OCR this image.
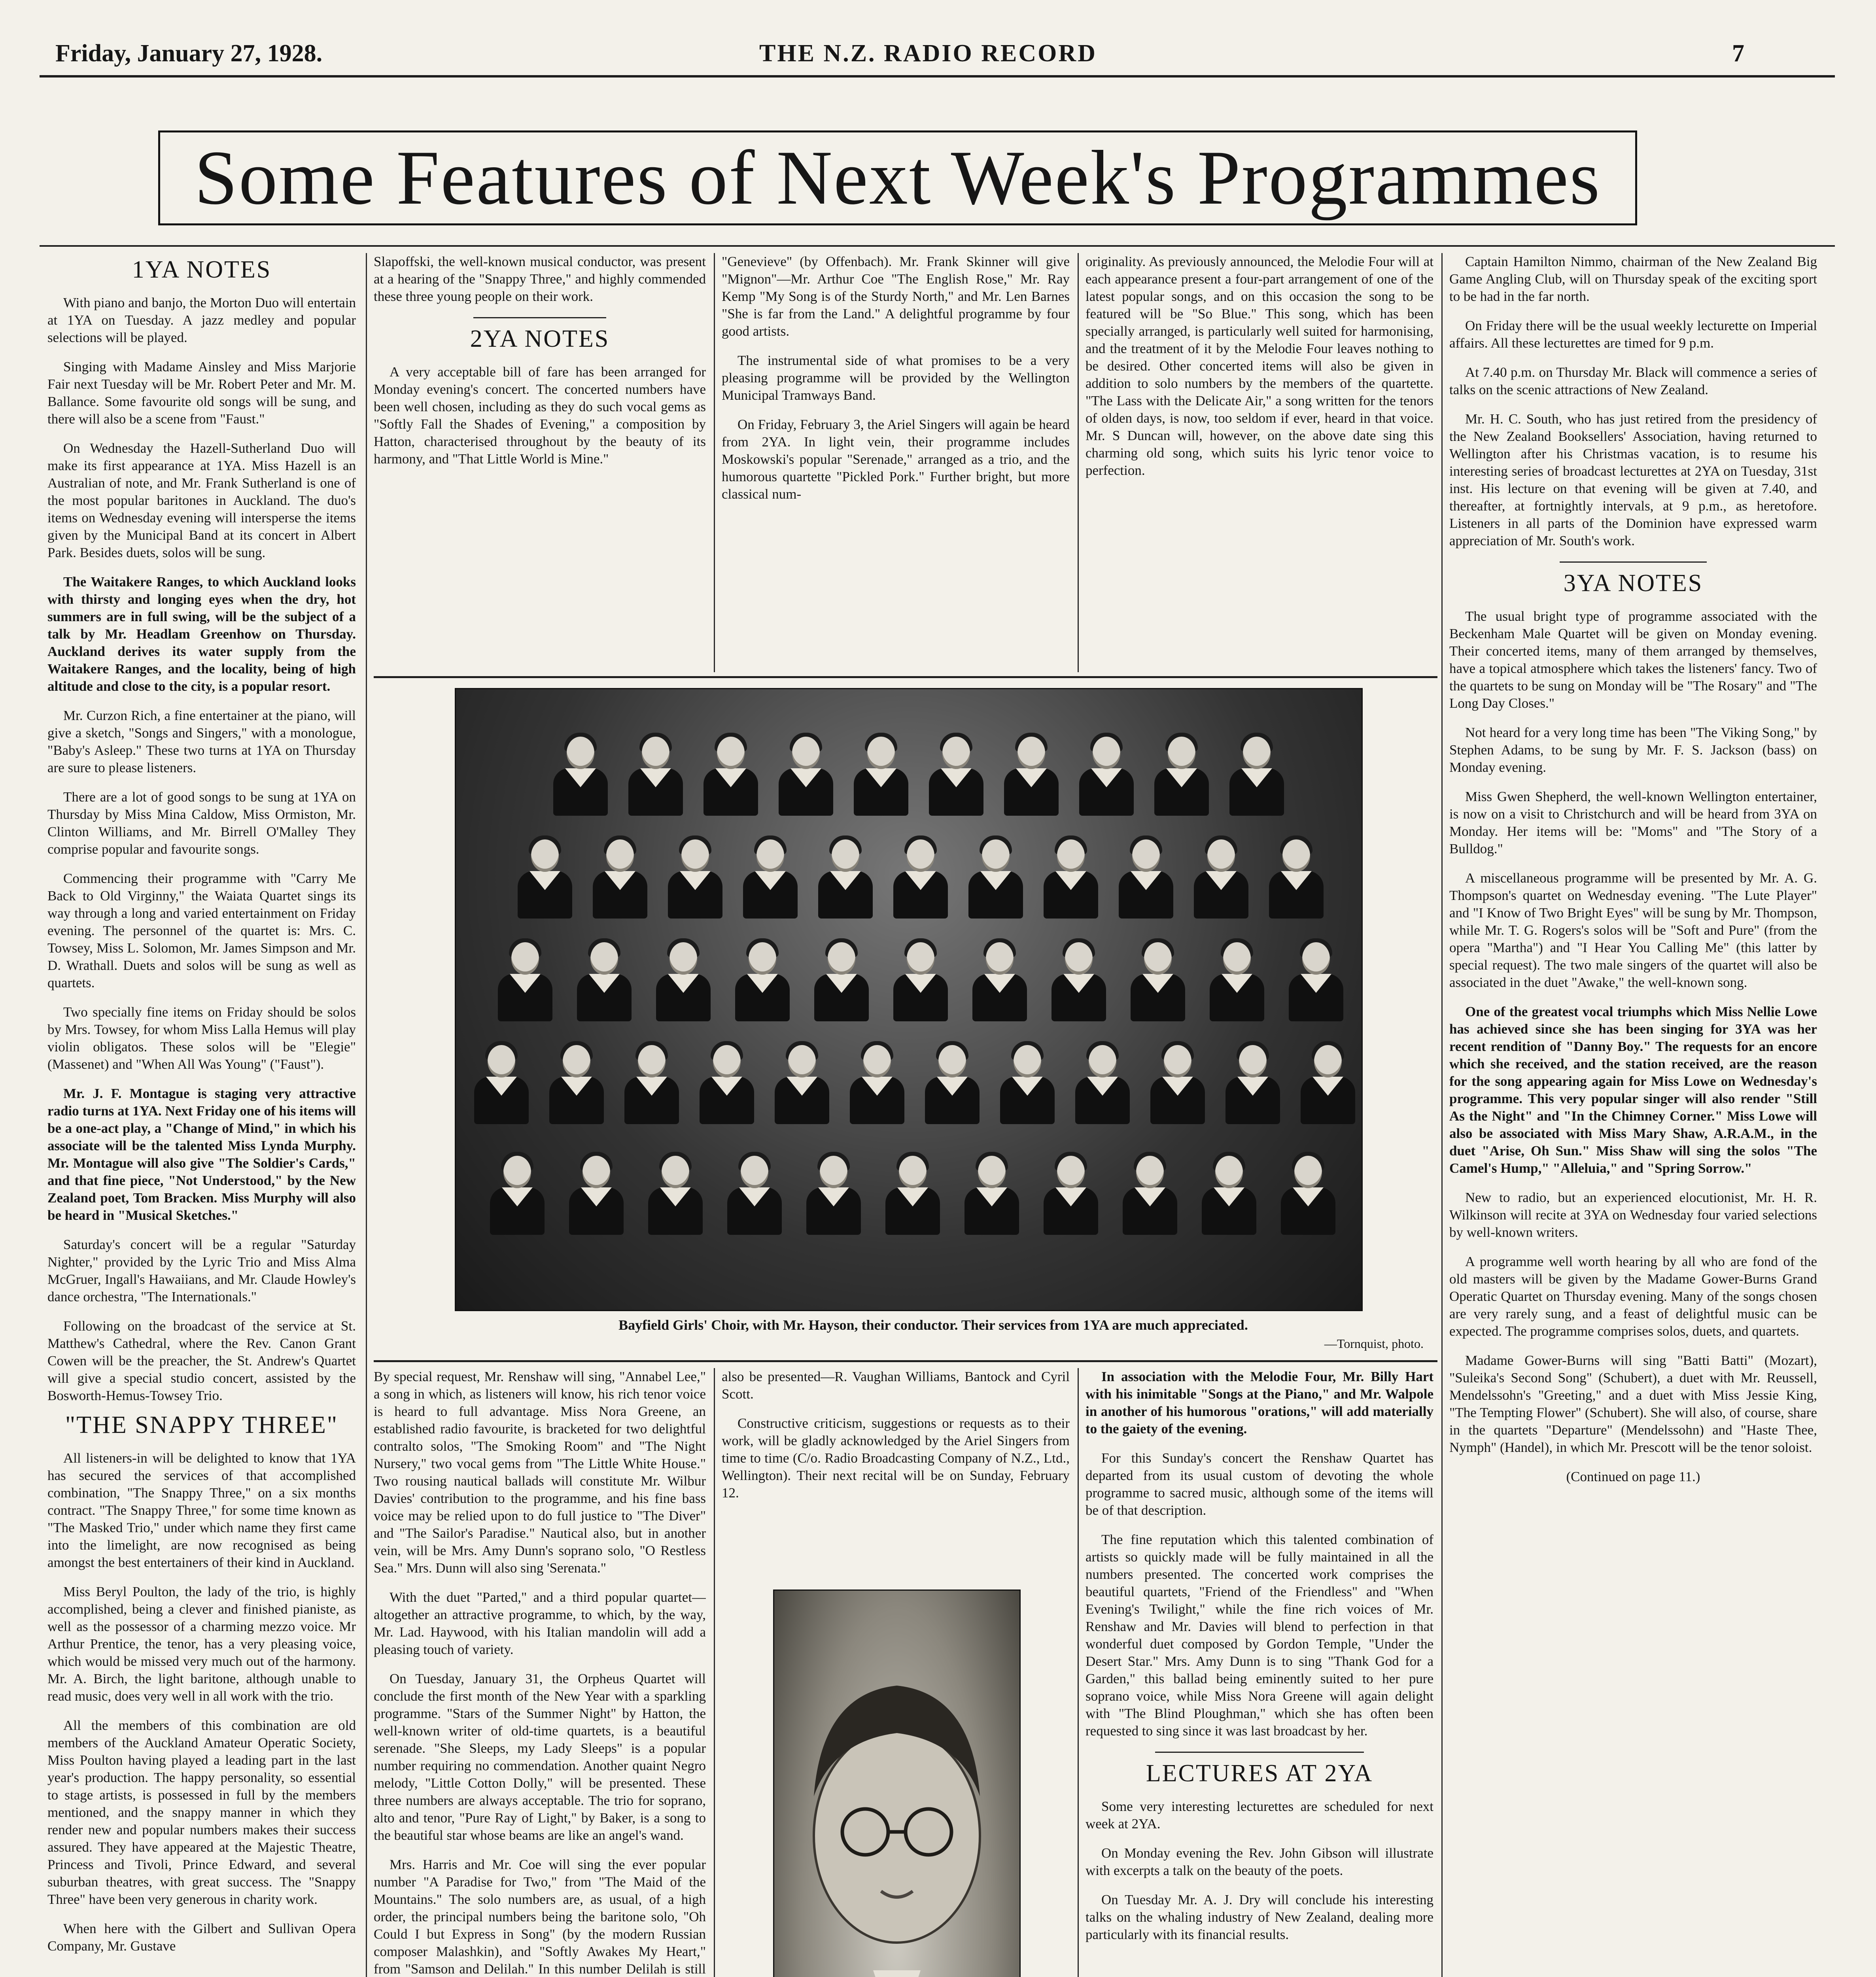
Friday, January 27, 1928.	THE N.Z. RADIO RECORD	7
Some Features of Next Week's Programmes
1YA NOTES

With piano and banjo, the Morton Duo will entertain at 1YA on Tuesday. A jazz medley and popular selections will be played.

Singing with Madame Ainsley and Miss Marjorie Fair next Tuesday will be Mr. Robert Peter and Mr. M. Ballance. Some favourite old songs will be sung, and there will also be a scene from "Faust."

On Wednesday the Hazell-Sutherland Duo will make its first appearance at 1YA. Miss Hazell is an Australian of note, and Mr. Frank Sutherland is one of the most popular baritones in Auckland. The duo's items on Wednesday evening will intersperse the items given by the Municipal Band at its concert in Albert Park. Besides duets, solos will be sung.

The Waitakere Ranges, to which Auckland looks with thirsty and longing eyes when the dry, hot summers are in full swing, will be the subject of a talk by Mr. Headlam Greenhow on Thursday. Auckland derives its water supply from the Waitakere Ranges, and the locality, being of high altitude and close to the city, is a popular resort.

Mr. Curzon Rich, a fine entertainer at the piano, will give a sketch, "Songs and Singers," with a monologue, "Baby's Asleep." These two turns at 1YA on Thursday are sure to please listeners.

There are a lot of good songs to be sung at 1YA on Thursday by Miss Mina Caldow, Miss Ormiston, Mr. Clinton Williams, and Mr. Birrell O'Malley They comprise popular and favourite songs.

Commencing their programme with "Carry Me Back to Old Virginny," the Waiata Quartet sings its way through a long and varied entertainment on Friday evening. The personnel of the quartet is: Mrs. C. Towsey, Miss L. Solomon, Mr. James Simpson and Mr. D. Wrathall. Duets and solos will be sung as well as quartets.

Two specially fine items on Friday should be solos by Mrs. Towsey, for whom Miss Lalla Hemus will play violin obligatos. These solos will be "Elegie" (Massenet) and "When All Was Young" ("Faust").

Mr. J. F. Montague is staging very attractive radio turns at 1YA. Next Friday one of his items will be a one-act play, a "Change of Mind," in which his associate will be the talented Miss Lynda Murphy. Mr. Montague will also give "The Soldier's Cards," and that fine piece, "Not Understood," by the New Zealand poet, Tom Bracken. Miss Murphy will also be heard in "Musical Sketches."

Saturday's concert will be a regular "Saturday Nighter," provided by the Lyric Trio and Miss Alma McGruer, Ingall's Hawaiians, and Mr. Claude Howley's dance orchestra, "The Internationals."

Following on the broadcast of the service at St. Matthew's Cathedral, where the Rev. Canon Grant Cowen will be the preacher, the St. Andrew's Quartet will give a special studio concert, assisted by the Bosworth-Hemus-Towsey Trio.

"THE SNAPPY THREE"

All listeners-in will be delighted to know that 1YA has secured the services of that accomplished combination, "The Snappy Three," on a six months contract. "The Snappy Three," for some time known as "The Masked Trio," under which name they first came into the limelight, are now recognised as being amongst the best entertainers of their kind in Auckland.

Miss Beryl Poulton, the lady of the trio, is highly accomplished, being a clever and finished pianiste, as well as the possessor of a charming mezzo voice. Mr Arthur Prentice, the tenor, has a very pleasing voice, which would be missed very much out of the harmony. Mr. A. Birch, the light baritone, although unable to read music, does very well in all work with the trio.

All the members of this combination are old members of the Auckland Amateur Operatic Society, Miss Poulton having played a leading part in the last year's production. The happy personality, so essential to stage artists, is possessed in full by the members mentioned, and the snappy manner in which they render new and popular numbers makes their success assured. They have appeared at the Majestic Theatre, Princess and Tivoli, Prince Edward, and several suburban theatres, with great success. The "Snappy Three" have been very generous in charity work.

When here with the Gilbert and Sullivan Opera Company, Mr. Gustave

Slapoffski, the well-known musical conductor, was present at a hearing of the "Snappy Three," and highly commended these three young people on their work.

2YA NOTES

A very acceptable bill of fare has been arranged for Monday evening's concert. The concerted numbers have been well chosen, including as they do such vocal gems as "Softly Fall the Shades of Evening," a composition by Hatton, characterised throughout by the beauty of its harmony, and "That Little World is Mine."

"Genevieve" (by Offenbach). Mr. Frank Skinner will give "Mignon"—Mr. Arthur Coe "The English Rose," Mr. Ray Kemp "My Song is of the Sturdy North," and Mr. Len Barnes "She is far from the Land." A delightful programme by four good artists.

The instrumental side of what promises to be a very pleasing programme will be provided by the Wellington Municipal Tramways Band.

On Friday, February 3, the Ariel Singers will again be heard from 2YA. In light vein, their programme includes Moskowski's popular "Serenade," arranged as a trio, and the humorous quartette "Pickled Pork." Further bright, but more classical num-

originality. As previously announced, the Melodie Four will at each appearance present a four-part arrangement of one of the latest popular songs, and on this occasion the song to be featured will be "So Blue." This song, which has been specially arranged, is particularly well suited for harmonising, and the treatment of it by the Melodie Four leaves nothing to be desired. Other concerted items will also be given in addition to solo numbers by the members of the quartette. "The Lass with the Delicate Air," a song written for the tenors of olden days, is now, too seldom if ever, heard in that voice. Mr. S Duncan will, however, on the above date sing this charming old song, which suits his lyric tenor voice to perfection.

Bayfield Girls' Choir, with Mr. Hayson, their conductor. Their services from 1YA are much appreciated.
—Tornquist, photo.

By special request, Mr. Renshaw will sing, "Annabel Lee," a song in which, as listeners will know, his rich tenor voice is heard to full advantage. Miss Nora Greene, an established radio favourite, is bracketed for two delightful contralto solos, "The Smoking Room" and "The Night Nursery," two vocal gems from "The Little White House." Two rousing nautical ballads will constitute Mr. Wilbur Davies' contribution to the programme, and his fine bass voice may be relied upon to do full justice to "The Diver" and "The Sailor's Paradise." Nautical also, but in another vein, will be Mrs. Amy Dunn's soprano solo, "O Restless Sea." Mrs. Dunn will also sing 'Serenata."

With the duet "Parted," and a third popular quartet—altogether an attractive programme, to which, by the way, Mr. Lad. Haywood, with his Italian mandolin will add a pleasing touch of variety.

On Tuesday, January 31, the Orpheus Quartet will conclude the first month of the New Year with a sparkling programme. "Stars of the Summer Night" by Hatton, the well-known writer of old-time quartets, is a beautiful serenade. "She Sleeps, my Lady Sleeps" is a popular number requiring no commendation. Another quaint Negro melody, "Little Cotton Dolly," will be presented. These three numbers are always acceptable. The trio for soprano, alto and tenor, "Pure Ray of Light," by Baker, is a song to the beautiful star whose beams are like an angel's wand.

Mrs. Harris and Mr. Coe will sing the ever popular number "A Paradise for Two," from "The Maid of the Mountains." The solo numbers are, as usual, of a high order, the principal numbers being the baritone solo, "Oh Could I but Express in Song" (by the modern Russian composer Malashkin), and "Softly Awakes My Heart," from "Samson and Delilah." In this number Delilah is still

also be presented—R. Vaughan Williams, Bantock and Cyril Scott.

Constructive criticism, suggestions or requests as to their work, will be gladly acknowledged by the Ariel Singers from time to time (C/o. Radio Broadcasting Company of N.Z., Ltd., Wellington). Their next recital will be on Sunday, February 12.

In association with the Melodie Four, Mr. Billy Hart with his inimitable "Songs at the Piano," and Mr. Walpole in another of his humorous "orations," will add materially to the gaiety of the evening.

For this Sunday's concert the Renshaw Quartet has departed from its usual custom of devoting the whole programme to sacred music, although some of the items will be of that description.

The fine reputation which this talented combination of artists so quickly made will be fully maintained in all the numbers presented. The concerted work comprises the beautiful quartets, "Friend of the Friendless" and "When Evening's Twilight," while the fine rich voices of Mr. Renshaw and Mr. Davies will blend to perfection in that wonderful duet composed by Gordon Temple, "Under the Desert Star." Mrs. Amy Dunn is to sing "Thank God for a Garden," this ballad being eminently suited to her pure soprano voice, while Miss Nora Greene will again delight with "The Blind Ploughman," which she has often been requested to sing since it was last broadcast by her.

LECTURES AT 2YA

Some very interesting lecturettes are scheduled for next week at 2YA.

On Monday evening the Rev. John Gibson will illustrate with excerpts a talk on the beauty of the poets.

On Tuesday Mr. A. J. Dry will conclude his interesting talks on the whaling industry of New Zealand, dealing more particularly with its financial results.

Captain Hamilton Nimmo, chairman of the New Zealand Big Game Angling Club, will on Thursday speak of the exciting sport to be had in the far north.

On Friday there will be the usual weekly lecturette on Imperial affairs. All these lecturettes are timed for 9 p.m.

At 7.40 p.m. on Thursday Mr. Black will commence a series of talks on the scenic attractions of New Zealand.

Mr. H. C. South, who has just retired from the presidency of the New Zealand Booksellers' Association, having returned to Wellington after his Christmas vacation, is to resume his interesting series of broadcast lecturettes at 2YA on Tuesday, 31st inst. His lecture on that evening will be given at 7.40, and thereafter, at fortnightly intervals, at 9 p.m., as heretofore. Listeners in all parts of the Dominion have expressed warm appreciation of Mr. South's work.

3YA NOTES

The usual bright type of programme associated with the Beckenham Male Quartet will be given on Monday evening. Their concerted items, many of them arranged by themselves, have a topical atmosphere which takes the listeners' fancy. Two of the quartets to be sung on Monday will be "The Rosary" and "The Long Day Closes."

Not heard for a very long time has been "The Viking Song," by Stephen Adams, to be sung by Mr. F. S. Jackson (bass) on Monday evening.

Miss Gwen Shepherd, the well-known Wellington entertainer, is now on a visit to Christchurch and will be heard from 3YA on Monday. Her items will be: "Moms" and "The Story of a Bulldog."

A miscellaneous programme will be presented by Mr. A. G. Thompson's quartet on Wednesday evening. "The Lute Player" and "I Know of Two Bright Eyes" will be sung by Mr. Thompson, while Mr. T. G. Rogers's solos will be "Soft and Pure" (from the opera "Martha") and "I Hear You Calling Me" (this latter by special request). The two male singers of the quartet will also be associated in the duet "Awake," the well-known song.

One of the greatest vocal triumphs which Miss Nellie Lowe has achieved since she has been singing for 3YA was her recent rendition of "Danny Boy." The requests for an encore which she received, and the station received, are the reason for the song appearing again for Miss Lowe on Wednesday's programme. This very popular singer will also render "Still As the Night" and "In the Chimney Corner." Miss Lowe will also be associated with Miss Mary Shaw, A.R.A.M., in the duet "Arise, Oh Sun." Miss Shaw will sing the solos "The Camel's Hump," "Alleluia," and "Spring Sorrow."

New to radio, but an experienced elocutionist, Mr. H. R. Wilkinson will recite at 3YA on Wednesday four varied selections by well-known writers.

A programme well worth hearing by all who are fond of the old masters will be given by the Madame Gower-Burns Grand Operatic Quartet on Thursday evening. Many of the songs chosen are very rarely sung, and a feast of delightful music can be expected. The programme comprises solos, duets, and quartets.

Madame Gower-Burns will sing "Batti Batti" (Mozart), "Suleika's Second Song" (Schubert), a duet with Mr. Reussell, Mendelssohn's "Greeting," and a duet with Miss Jessie King, "The Tempting Flower" (Schubert). She will also, of course, share in the quartets "Departure" (Mendelssohn) and "Haste Thee, Nymph" (Handel), in which Mr. Prescott will be the tenor soloist.

(Continued on page 11.)
